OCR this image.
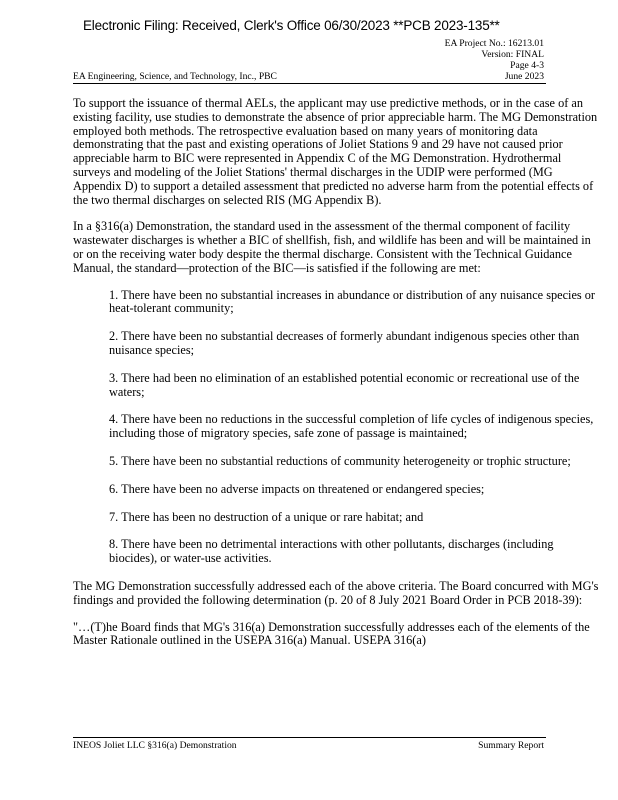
Electronic Filing: Received, Clerk's Office 06/30/2023 **PCB 2023-135**
EA Project No.: 16213.01
Version: FINAL
Page 4-3
June 2023
EA Engineering, Science, and Technology, Inc., PBC

To support the issuance of thermal AELs, the applicant may use predictive methods, or in the case of an existing facility, use studies to demonstrate the absence of prior appreciable harm. The MG Demonstration employed both methods. The retrospective evaluation based on many years of monitoring data demonstrating that the past and existing operations of Joliet Stations 9 and 29 have not caused prior appreciable harm to BIC were represented in Appendix C of the MG Demonstration. Hydrothermal surveys and modeling of the Joliet Stations' thermal discharges in the UDIP were performed (MG Appendix D) to support a detailed assessment that predicted no adverse harm from the potential effects of the two thermal discharges on selected RIS (MG Appendix B).

In a §316(a) Demonstration, the standard used in the assessment of the thermal component of facility wastewater discharges is whether a BIC of shellfish, fish, and wildlife has been and will be maintained in or on the receiving water body despite the thermal discharge. Consistent with the Technical Guidance Manual, the standard—protection of the BIC—is satisfied if the following are met:

1. There have been no substantial increases in abundance or distribution of any nuisance species or heat-tolerant community;
2. There have been no substantial decreases of formerly abundant indigenous species other than nuisance species;
3. There had been no elimination of an established potential economic or recreational use of the waters;
4. There have been no reductions in the successful completion of life cycles of indigenous species, including those of migratory species, safe zone of passage is maintained;
5. There have been no substantial reductions of community heterogeneity or trophic structure;
6. There have been no adverse impacts on threatened or endangered species;
7. There has been no destruction of a unique or rare habitat; and
8. There have been no detrimental interactions with other pollutants, discharges (including biocides), or water-use activities.

The MG Demonstration successfully addressed each of the above criteria. The Board concurred with MG's findings and provided the following determination (p. 20 of 8 July 2021 Board Order in PCB 2018-39):

"…(T)he Board finds that MG's 316(a) Demonstration successfully addresses each of the elements of the Master Rationale outlined in the USEPA 316(a) Manual. USEPA 316(a)

INEOS Joliet LLC §316(a) Demonstration	Summary Report
